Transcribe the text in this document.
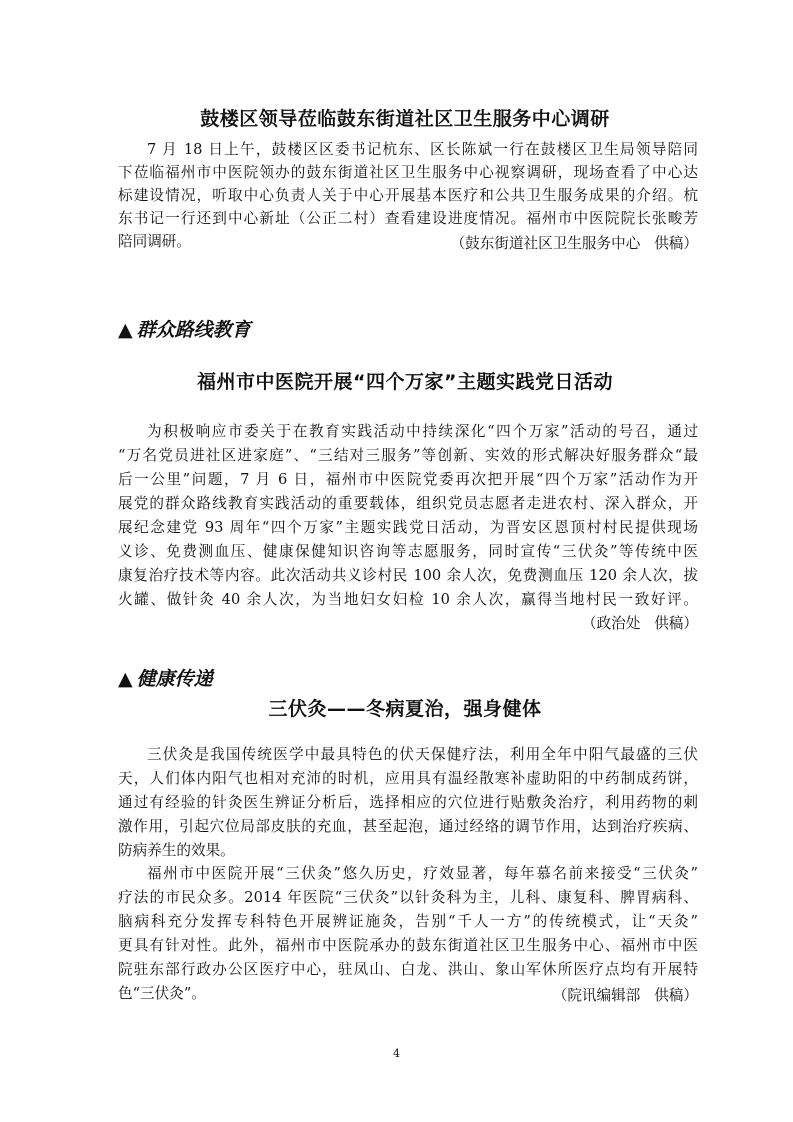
鼓楼区领导莅临鼓东街道社区卫生服务中心调研
7 月 18 日上午，鼓楼区区委书记杭东、区长陈斌一行在鼓楼区卫生局领导陪同
下莅临福州市中医院领办的鼓东街道社区卫生服务中心视察调研，现场查看了中心达
标建设情况，听取中心负责人关于中心开展基本医疗和公共卫生服务成果的介绍。杭
东书记一行还到中心新址（公正二村）查看建设进度情况。福州市中医院院长张畯芳
陪同调研。	（鼓东街道社区卫生服务中心   供稿）
▲ 群众路线教育
福州市中医院开展“四个万家”主题实践党日活动
为积极响应市委关于在教育实践活动中持续深化“四个万家”活动的号召，通过
“万名党员进社区进家庭”、“三结对三服务”等创新、实效的形式解决好服务群众“最
后一公里”问题，7 月 6 日，福州市中医院党委再次把开展“四个万家”活动作为开
展党的群众路线教育实践活动的重要载体，组织党员志愿者走进农村、深入群众，开
展纪念建党 93 周年“四个万家”主题实践党日活动，为晋安区恩顶村村民提供现场
义诊、免费测血压、健康保健知识咨询等志愿服务，同时宣传“三伏灸”等传统中医
康复治疗技术等内容。此次活动共义诊村民 100 余人次，免费测血压 120 余人次，拔
火罐、做针灸 40 余人次，为当地妇女妇检 10 余人次，赢得当地村民一致好评。
（政治处   供稿）
▲ 健康传递
三伏灸——冬病夏治，强身健体
三伏灸是我国传统医学中最具特色的伏天保健疗法，利用全年中阳气最盛的三伏
天，人们体内阳气也相对充沛的时机，应用具有温经散寒补虚助阳的中药制成药饼，
通过有经验的针灸医生辨证分析后，选择相应的穴位进行贴敷灸治疗，利用药物的刺
激作用，引起穴位局部皮肤的充血，甚至起泡，通过经络的调节作用，达到治疗疾病、
防病养生的效果。
福州市中医院开展“三伏灸”悠久历史，疗效显著，每年慕名前来接受“三伏灸”
疗法的市民众多。2014 年医院“三伏灸”以针灸科为主，儿科、康复科、脾胃病科、
脑病科充分发挥专科特色开展辨证施灸，告别“千人一方”的传统模式，让“天灸”
更具有针对性。此外，福州市中医院承办的鼓东街道社区卫生服务中心、福州市中医
院驻东部行政办公区医疗中心，驻凤山、白龙、洪山、象山军休所医疗点均有开展特
色“三伏灸”。	（院讯编辑部   供稿）
4
